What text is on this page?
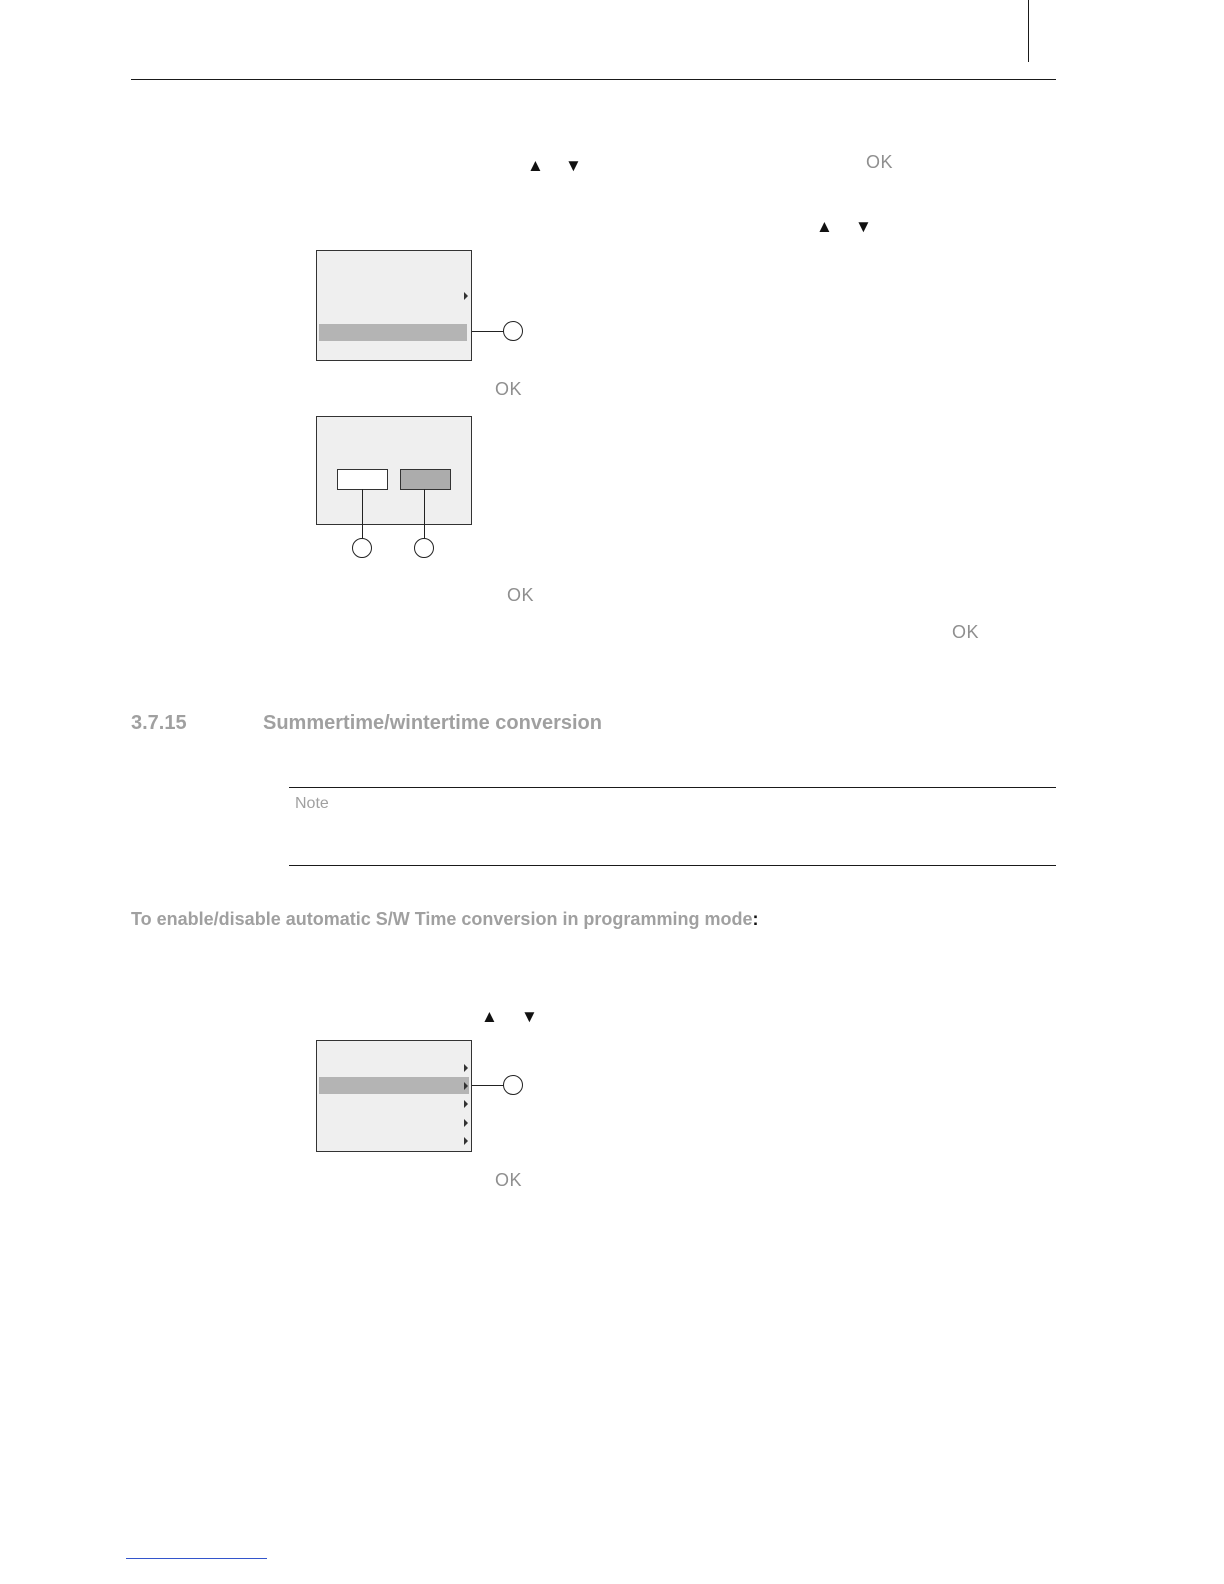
▲ ▼	OK
▲ ▼
OK
OK
OK
3.7.15	Summertime/wintertime conversion
Note
To enable/disable automatic S/W Time conversion in programming mode:
▲ ▼
OK
